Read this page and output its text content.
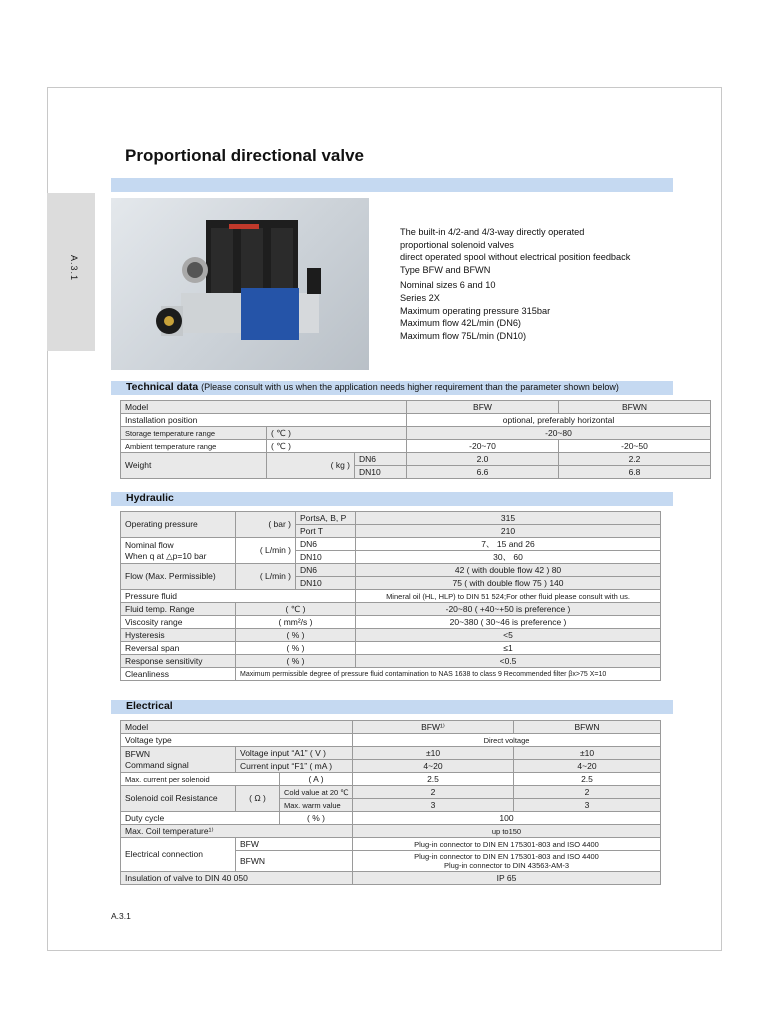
A.3.1
Proportional directional valve
The built-in 4/2-and 4/3-way directly operated
proportional solenoid valves
direct operated spool without electrical position feedback
Type BFW and BFWN
Nominal sizes 6 and 10
Series 2X
Maximum operating pressure 315bar
Maximum flow 42L/min (DN6)
Maximum flow 75L/min (DN10)
Technical data (Please consult with us when the application needs higher requirement than the parameter shown below)
Model			BFW	BFWN
Installation position			optional, preferably horizontal	
Storage temperature range	( ℃ )		-20~80	
Ambient temperature range	( ℃ )		-20~70	-20~50
Weight	( kg )	DN6	2.0	2.2
		DN10	6.6	6.8
Hydraulic
Operating pressure	( bar )	PortsA, B, P	315
		Port T	210

Nominal flow
When q at △p=10 bar	( L/min )	DN6	7、 15 and 26
		DN10	30、 60
Flow (Max. Permissible)	( L/min )	DN6	42 ( with double flow 42 ) 80
		DN10	75 ( with double flow 75 ) 140
Pressure fluid			Mineral oil (HL, HLP) to DIN 51 524;For other fluid please consult with us.
Fluid temp. Range	( ℃ )		-20~80 ( +40~+50 is preference )
Viscosity range	( mm²/s )		20~380 ( 30~46 is preference )
Hysteresis	( % )		<5
Reversal span	( % )		≤1
Response sensitivity	( % )		<0.5
Cleanliness	Maximum permissible degree of pressure fluid contamination to NAS 1638 to class 9 Recommended filter βx>75 X=10		
Electrical
Model			BFW¹⁾	BFWN
Voltage type			Direct voltage	

BFWN
Command signal	Voltage input “A1” ( V )		±10	±10
	Current input “F1” ( mA )		4~20	4~20
Max. current per solenoid		( A )	2.5	2.5
Solenoid coil Resistance	( Ω )	Cold value at 20 ℃	2	2
		Max. warm value	3	3
Duty cycle		( % )	100	
Max. Coil temperature¹⁾			up to150	
Electrical connection	BFW		Plug-in connector to DIN EN 175301-803 and ISO 4400	
	BFWN		Plug-in connector to DIN EN 175301-803 and ISO 4400
Plug-in connector to DIN 43563-AM-3	

Insulation of valve to DIN 40 050			IP 65	
A.3.1
